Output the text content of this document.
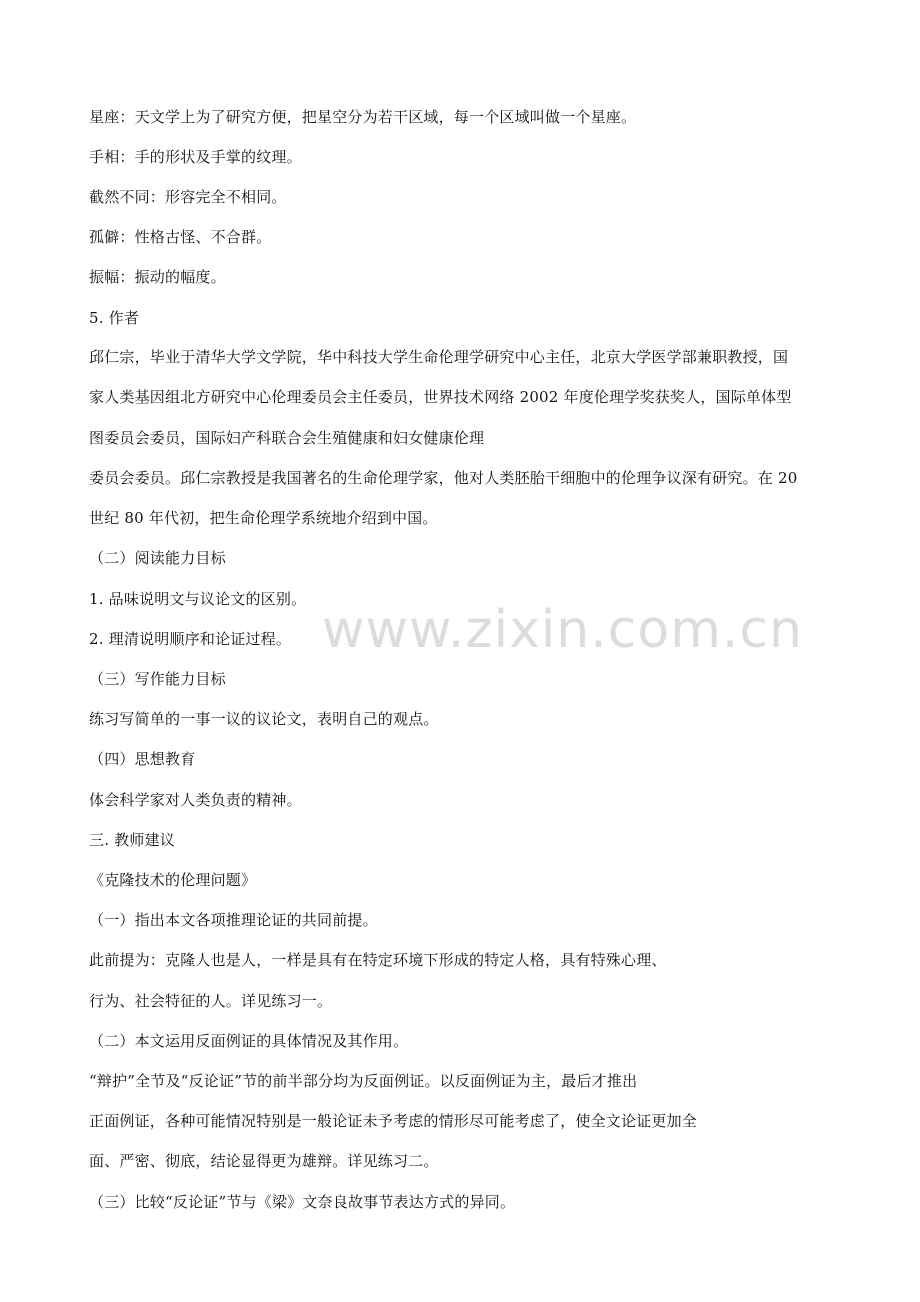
www.zixin.com.cn
星座：天文学上为了研究方便，把星空分为若干区域，每一个区域叫做一个星座。
手相：手的形状及手掌的纹理。
截然不同：形容完全不相同。
孤僻：性格古怪、不合群。
振幅：振动的幅度。
5. 作者
邱仁宗，毕业于清华大学文学院，华中科技大学生命伦理学研究中心主任，北京大学医学部兼职教授，国
家人类基因组北方研究中心伦理委员会主任委员，世界技术网络 2002 年度伦理学奖获奖人，国际单体型
图委员会委员，国际妇产科联合会生殖健康和妇女健康伦理
委员会委员。邱仁宗教授是我国著名的生命伦理学家，他对人类胚胎干细胞中的伦理争议深有研究。在 20
世纪 80 年代初，把生命伦理学系统地介绍到中国。
（二）阅读能力目标
1. 品味说明文与议论文的区别。
2. 理清说明顺序和论证过程。
（三）写作能力目标
练习写简单的一事一议的议论文，表明自己的观点。
（四）思想教育
体会科学家对人类负责的精神。
三. 教师建议
《克隆技术的伦理问题》
（一）指出本文各项推理论证的共同前提。
此前提为：克隆人也是人，一样是具有在特定环境下形成的特定人格，具有特殊心理、
行为、社会特征的人。详见练习一。
（二）本文运用反面例证的具体情况及其作用。
“辩护”全节及“反论证”节的前半部分均为反面例证。以反面例证为主，最后才推出
正面例证，各种可能情况特别是一般论证未予考虑的情形尽可能考虑了，使全文论证更加全
面、严密、彻底，结论显得更为雄辩。详见练习二。
（三）比较“反论证”节与《梁》文奈良故事节表达方式的异同。
